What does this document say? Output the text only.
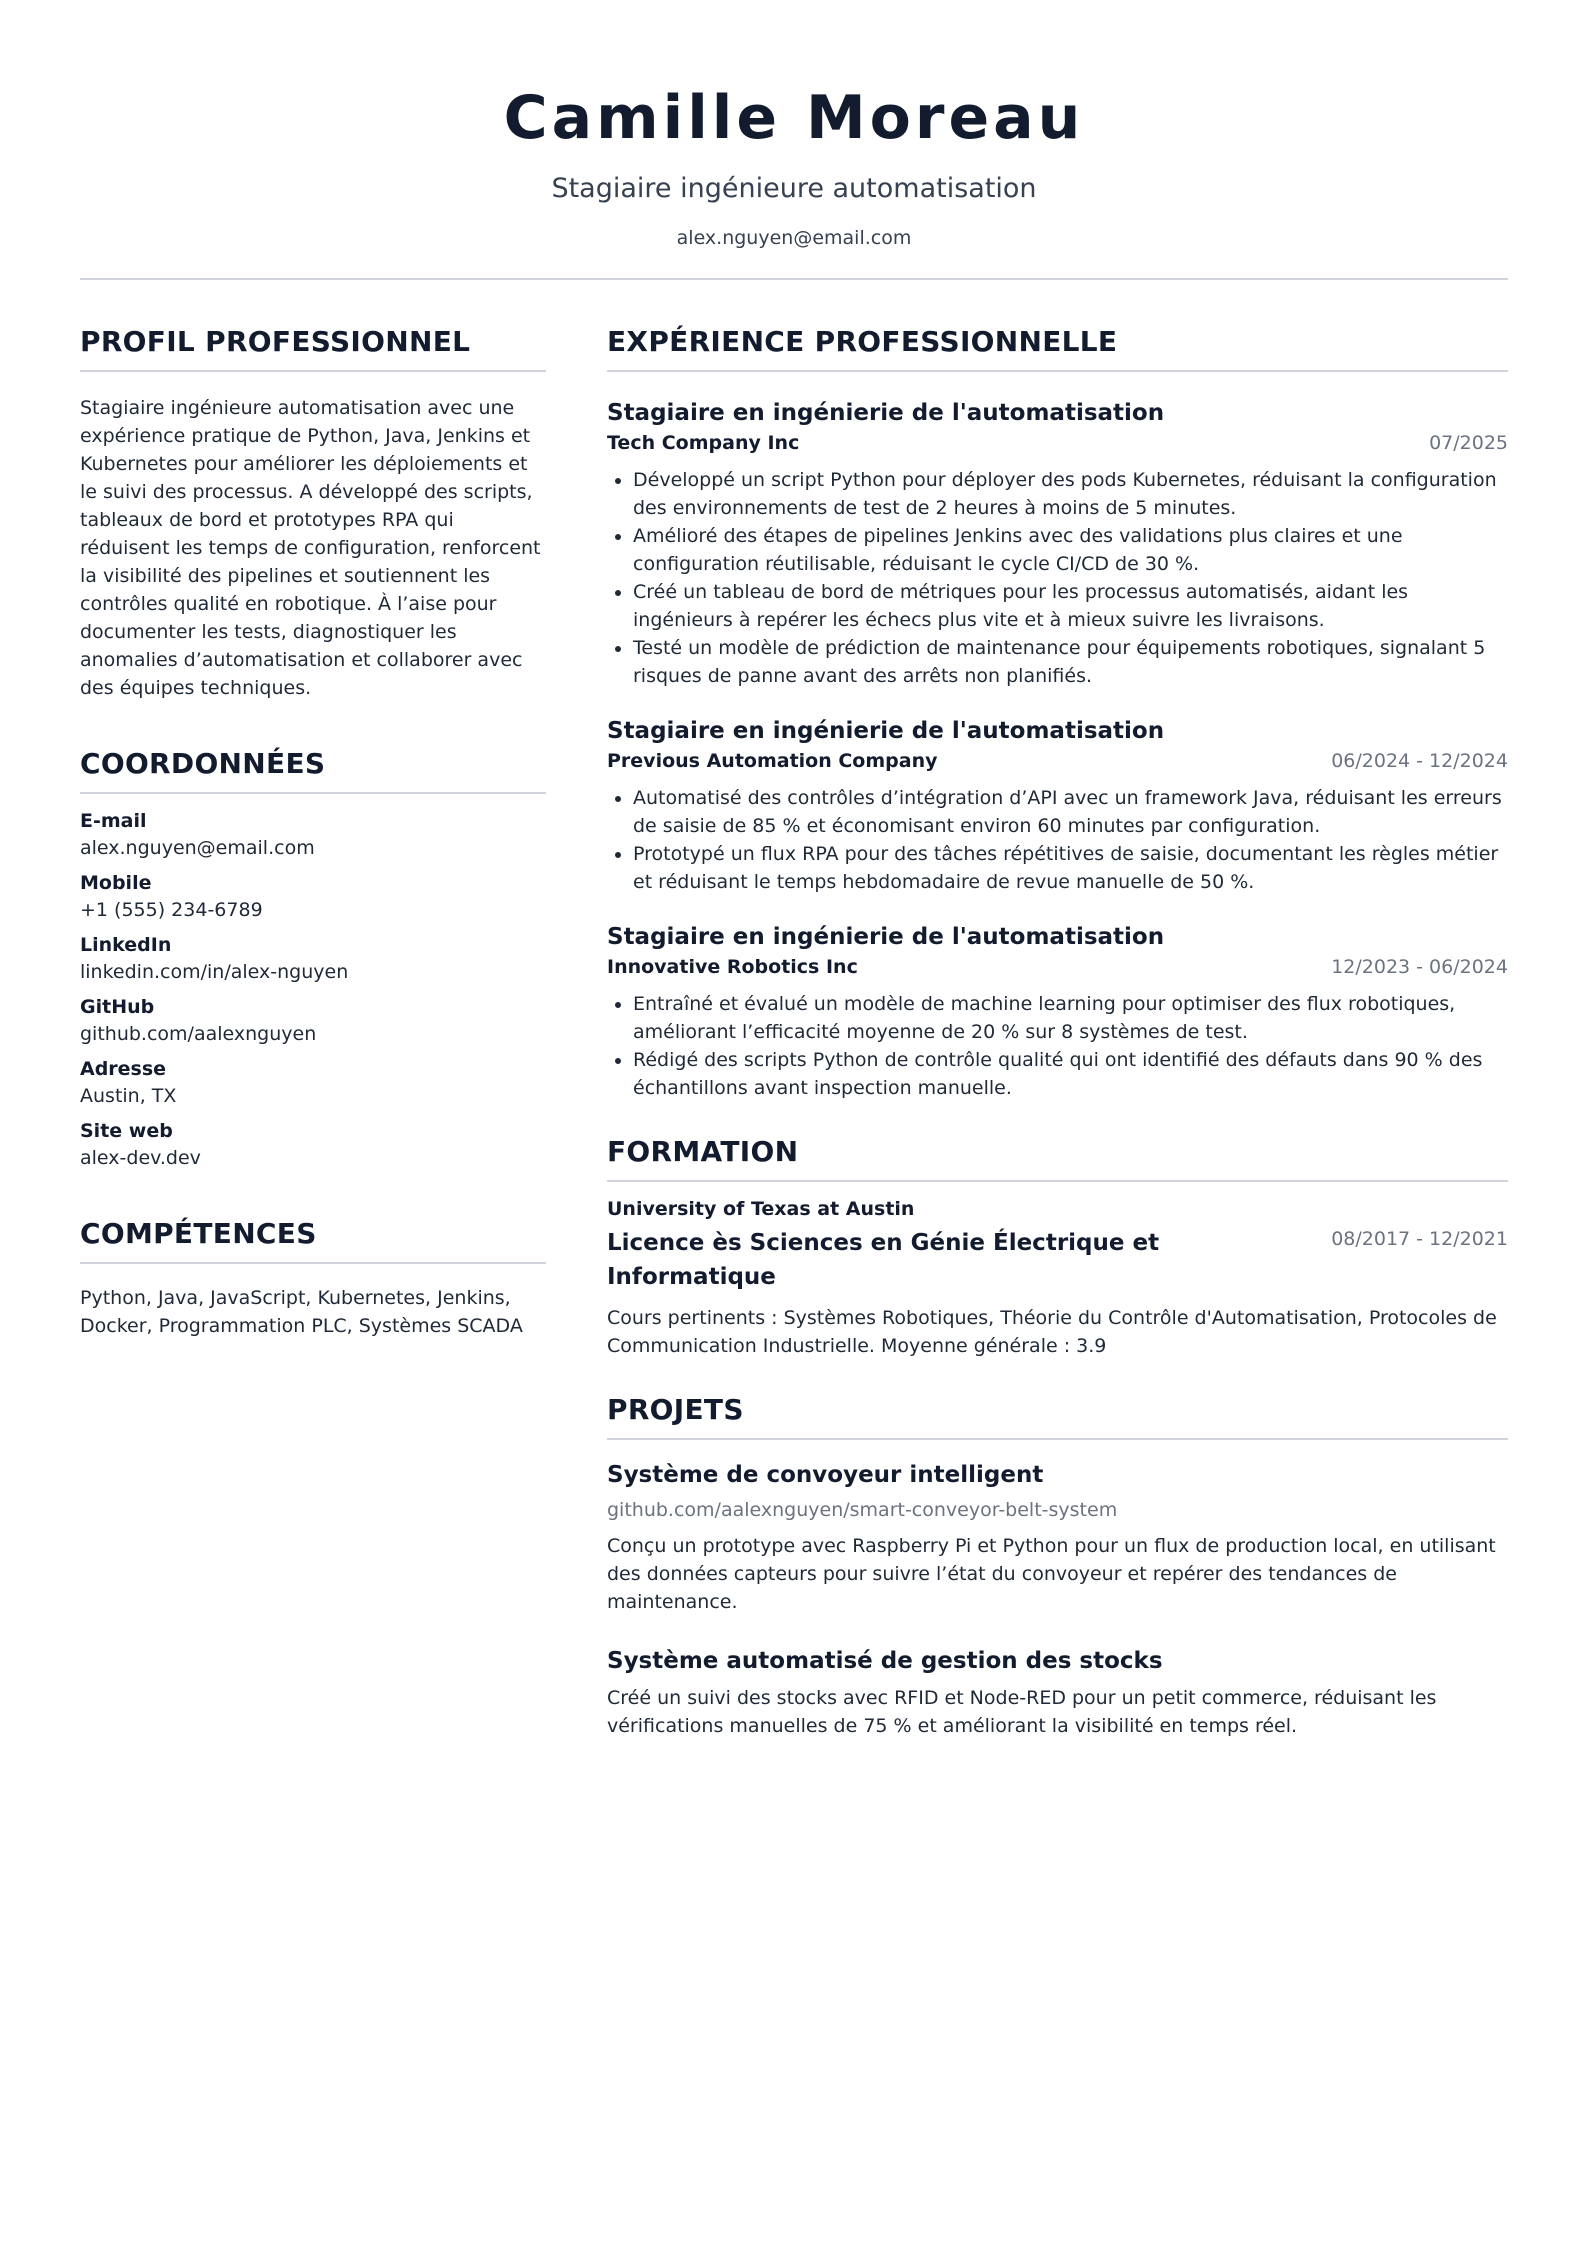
Camille Moreau
Stagiaire ingénieure automatisation
alex.nguyen@email.com
PROFIL PROFESSIONNEL
Stagiaire ingénieure automatisation avec une expérience pratique de Python, Java, Jenkins et Kubernetes pour améliorer les déploiements et le suivi des processus. A développé des scripts, tableaux de bord et prototypes RPA qui réduisent les temps de configuration, renforcent la visibilité des pipelines et soutiennent les contrôles qualité en robotique. À l’aise pour documenter les tests, diagnostiquer les anomalies d’automatisation et collaborer avec des équipes techniques.
COORDONNÉES
E-mail
alex.nguyen@email.com
Mobile
+1 (555) 234-6789
LinkedIn
linkedin.com/in/alex-nguyen
GitHub
github.com/aalexnguyen
Adresse
Austin, TX
Site web
alex-dev.dev
COMPÉTENCES
Python, Java, JavaScript, Kubernetes, Jenkins, Docker, Programmation PLC, Systèmes SCADA
EXPÉRIENCE PROFESSIONNELLE
Stagiaire en ingénierie de l'automatisation
Tech Company Inc	07/2025
• Développé un script Python pour déployer des pods Kubernetes, réduisant la configuration des environnements de test de 2 heures à moins de 5 minutes.
• Amélioré des étapes de pipelines Jenkins avec des validations plus claires et une configuration réutilisable, réduisant le cycle CI/CD de 30 %.
• Créé un tableau de bord de métriques pour les processus automatisés, aidant les ingénieurs à repérer les échecs plus vite et à mieux suivre les livraisons.
• Testé un modèle de prédiction de maintenance pour équipements robotiques, signalant 5 risques de panne avant des arrêts non planifiés.
Stagiaire en ingénierie de l'automatisation
Previous Automation Company	06/2024 - 12/2024
• Automatisé des contrôles d’intégration d’API avec un framework Java, réduisant les erreurs de saisie de 85 % et économisant environ 60 minutes par configuration.
• Prototypé un flux RPA pour des tâches répétitives de saisie, documentant les règles métier et réduisant le temps hebdomadaire de revue manuelle de 50 %.
Stagiaire en ingénierie de l'automatisation
Innovative Robotics Inc	12/2023 - 06/2024
• Entraîné et évalué un modèle de machine learning pour optimiser des flux robotiques, améliorant l’efficacité moyenne de 20 % sur 8 systèmes de test.
• Rédigé des scripts Python de contrôle qualité qui ont identifié des défauts dans 90 % des échantillons avant inspection manuelle.
FORMATION
University of Texas at Austin
Licence ès Sciences en Génie Électrique et Informatique
08/2017 - 12/2021
Cours pertinents : Systèmes Robotiques, Théorie du Contrôle d'Automatisation, Protocoles de Communication Industrielle. Moyenne générale : 3.9
PROJETS
Système de convoyeur intelligent
github.com/aalexnguyen/smart-conveyor-belt-system
Conçu un prototype avec Raspberry Pi et Python pour un flux de production local, en utilisant des données capteurs pour suivre l’état du convoyeur et repérer des tendances de maintenance.
Système automatisé de gestion des stocks
Créé un suivi des stocks avec RFID et Node-RED pour un petit commerce, réduisant les vérifications manuelles de 75 % et améliorant la visibilité en temps réel.
